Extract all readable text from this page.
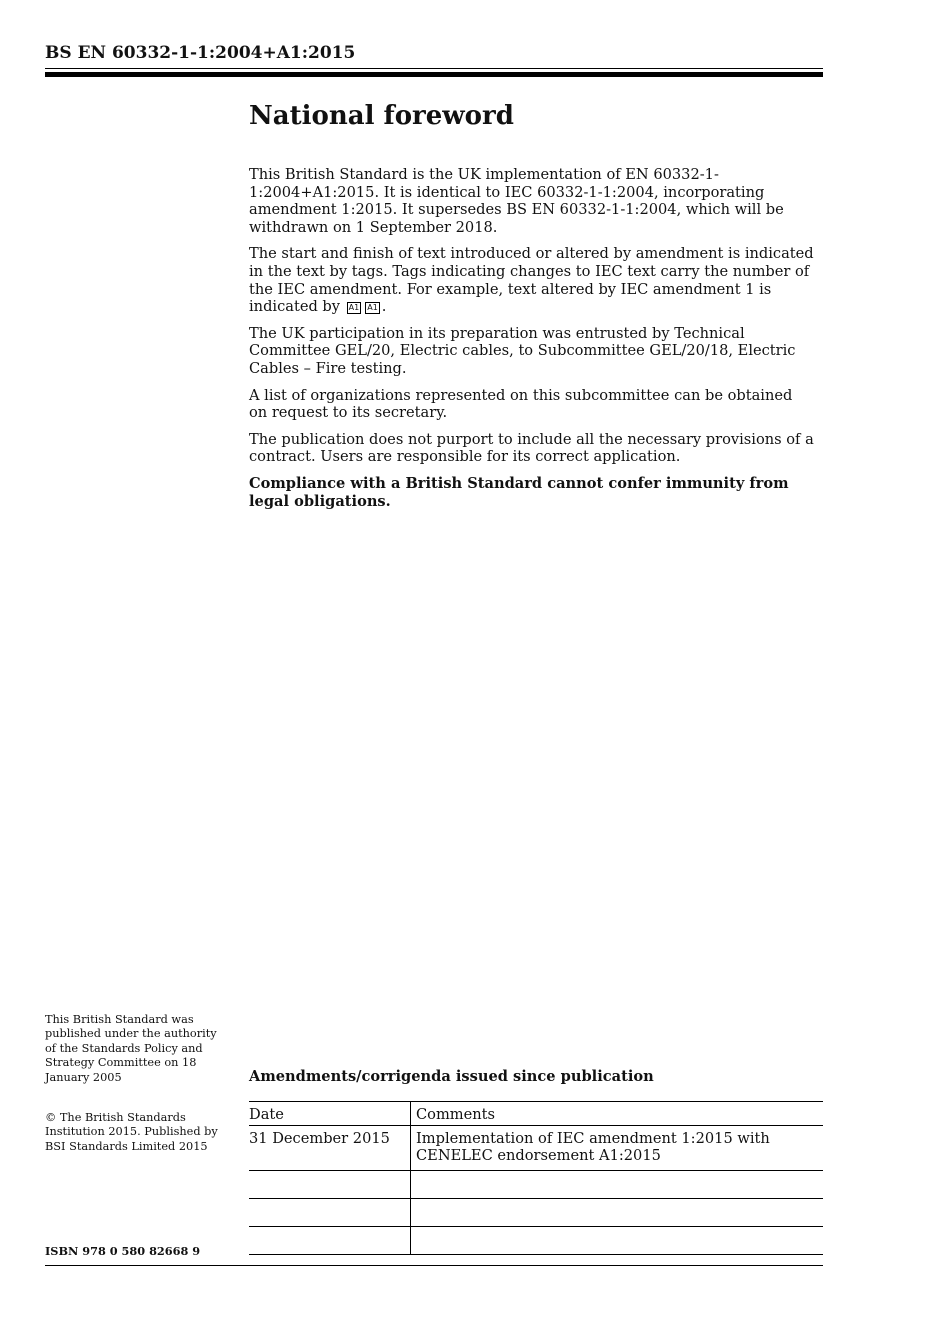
BS EN 60332-1-1:2004+A1:2015
National foreword

This British Standard is the UK implementation of EN 60332-1-1:2004+A1:2015. It is identical to IEC 60332-1-1:2004, incorporating amendment 1:2015. It supersedes BS EN 60332-1-1:2004, which will be withdrawn on 1 September 2018.

The start and finish of text introduced or altered by amendment is indicated in the text by tags. Tags indicating changes to IEC text carry the number of the IEC amendment. For example, text altered by IEC amendment 1 is indicated by A1 A1 .

The UK participation in its preparation was entrusted by Technical Committee GEL/20, Electric cables, to Subcommittee GEL/20/18, Electric Cables – Fire testing.

A list of organizations represented on this subcommittee can be obtained on request to its secretary.

The publication does not purport to include all the necessary provisions of a contract. Users are responsible for its correct application.

Compliance with a British Standard cannot confer immunity from legal obligations.

This British Standard was published under the authority of the Standards Policy and Strategy Committee on 18 January 2005

© The British Standards Institution 2015. Published by BSI Standards Limited 2015

Amendments/corrigenda issued since publication
Date	Comments
31 December 2015	Implementation of IEC amendment 1:2015 with CENELEC endorsement A1:2015

ISBN 978 0 580 82668 9
